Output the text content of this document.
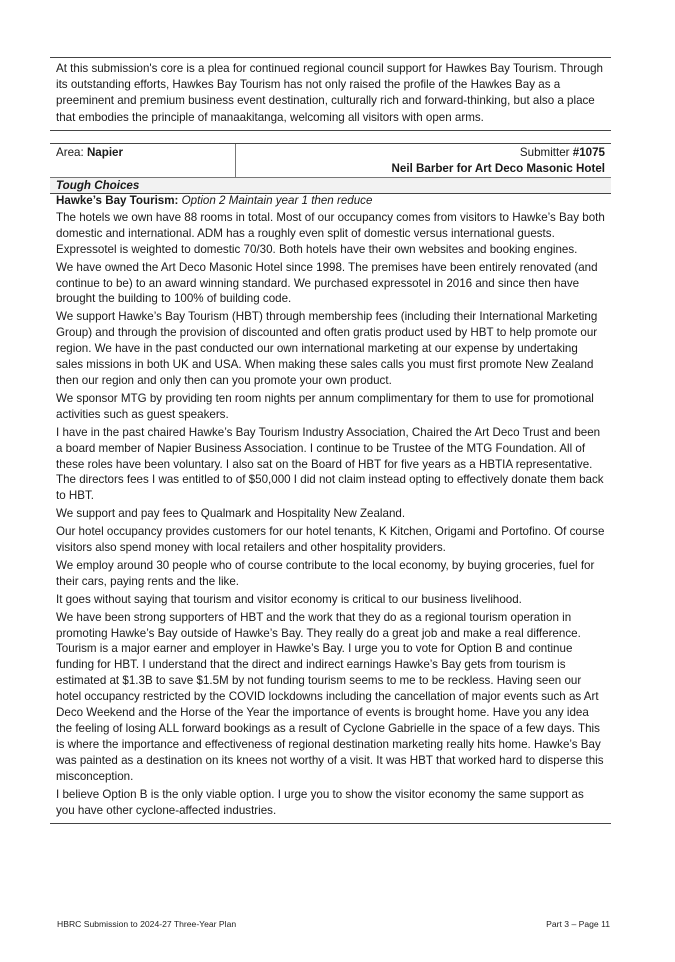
At this submission's core is a plea for continued regional council support for Hawkes Bay Tourism. Through its outstanding efforts, Hawkes Bay Tourism has not only raised the profile of the Hawkes Bay as a preeminent and premium business event destination, culturally rich and forward-thinking, but also a place that embodies the principle of manaakitanga, welcoming all visitors with open arms.
Area: Napier	Submitter #1075
Neil Barber for Art Deco Masonic Hotel
Tough Choices

Hawke’s Bay Tourism: Option 2 Maintain year 1 then reduce

The hotels we own have 88 rooms in total. Most of our occupancy comes from visitors to Hawke’s Bay both domestic and international. ADM has a roughly even split of domestic versus international guests. Expressotel is weighted to domestic 70/30. Both hotels have their own websites and booking engines.

We have owned the Art Deco Masonic Hotel since 1998. The premises have been entirely renovated (and continue to be) to an award winning standard. We purchased expressotel in 2016 and since then have brought the building to 100% of building code.

We support Hawke’s Bay Tourism (HBT) through membership fees (including their International Marketing Group) and through the provision of discounted and often gratis product used by HBT to help promote our region. We have in the past conducted our own international marketing at our expense by undertaking sales missions in both UK and USA. When making these sales calls you must first promote New Zealand then our region and only then can you promote your own product.

We sponsor MTG by providing ten room nights per annum complimentary for them to use for promotional activities such as guest speakers.

I have in the past chaired Hawke’s Bay Tourism Industry Association, Chaired the Art Deco Trust and been a board member of Napier Business Association. I continue to be Trustee of the MTG Foundation. All of these roles have been voluntary. I also sat on the Board of HBT for five years as a HBTIA representative. The directors fees I was entitled to of $50,000 I did not claim instead opting to effectively donate them back to HBT.

We support and pay fees to Qualmark and Hospitality New Zealand.

Our hotel occupancy provides customers for our hotel tenants, K Kitchen, Origami and Portofino. Of course visitors also spend money with local retailers and other hospitality providers.

We employ around 30 people who of course contribute to the local economy, by buying groceries, fuel for their cars, paying rents and the like.

It goes without saying that tourism and visitor economy is critical to our business livelihood.

We have been strong supporters of HBT and the work that they do as a regional tourism operation in promoting Hawke’s Bay outside of Hawke’s Bay. They really do a great job and make a real difference. Tourism is a major earner and employer in Hawke’s Bay. I urge you to vote for Option B and continue funding for HBT. I understand that the direct and indirect earnings Hawke’s Bay gets from tourism is estimated at $1.3B to save $1.5M by not funding tourism seems to me to be reckless. Having seen our hotel occupancy restricted by the COVID lockdowns including the cancellation of major events such as Art Deco Weekend and the Horse of the Year the importance of events is brought home. Have you any idea the feeling of losing ALL forward bookings as a result of Cyclone Gabrielle in the space of a few days. This is where the importance and effectiveness of regional destination marketing really hits home. Hawke’s Bay was painted as a destination on its knees not worthy of a visit. It was HBT that worked hard to disperse this misconception.

I believe Option B is the only viable option. I urge you to show the visitor economy the same support as you have other cyclone-affected industries.

HBRC Submission to 2024-27 Three-Year Plan	Part 3 – Page 11
